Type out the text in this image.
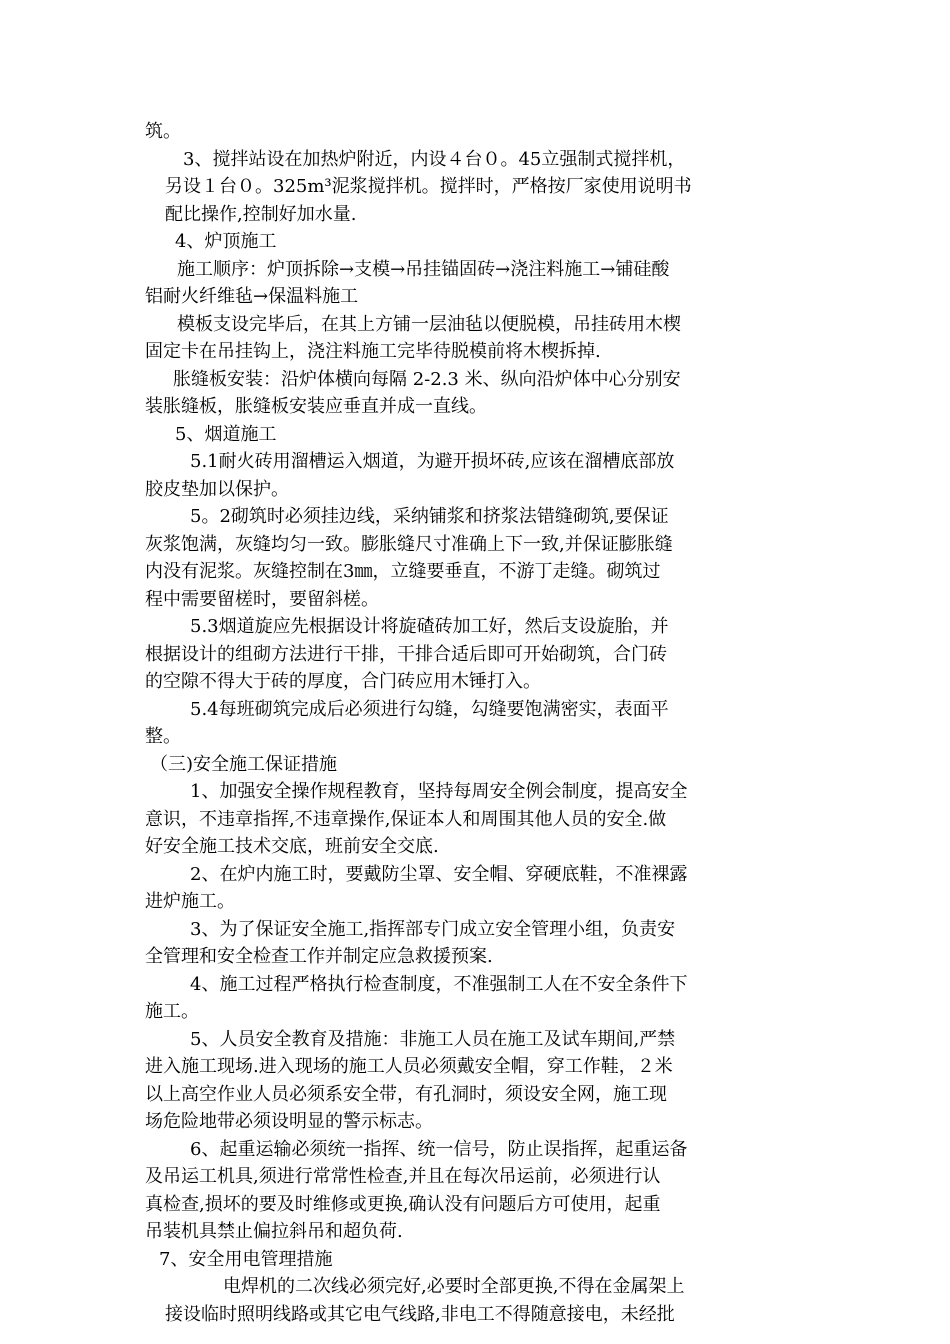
筑。
3、搅拌站设在加热炉附近，内设４台０。45立强制式搅拌机，
另设１台０。325m³泥浆搅拌机。搅拌时，严格按厂家使用说明书
配比操作,控制好加水量.
4、炉顶施工
施工顺序：炉顶拆除→支模→吊挂锚固砖→浇注料施工→铺硅酸
铝耐火纤维毡→保温料施工
模板支设完毕后，在其上方铺一层油毡以便脱模，吊挂砖用木楔
固定卡在吊挂钩上，浇注料施工完毕待脱模前将木楔拆掉.
胀缝板安装：沿炉体横向每隔 2-2.3 米、纵向沿炉体中心分别安
装胀缝板，胀缝板安装应垂直并成一直线。
5、烟道施工
5.1耐火砖用溜槽运入烟道，为避开损坏砖,应该在溜槽底部放
胶皮垫加以保护。
5。2砌筑时必须挂边线，采纳铺浆和挤浆法错缝砌筑,要保证
灰浆饱满，灰缝均匀一致。膨胀缝尺寸准确上下一致,并保证膨胀缝
内没有泥浆。灰缝控制在3㎜，立缝要垂直，不游丁走缝。砌筑过
程中需要留槎时，要留斜槎。
5.3烟道旋应先根据设计将旋碴砖加工好，然后支设旋胎，并
根据设计的组砌方法进行干排，干排合适后即可开始砌筑，合门砖
的空隙不得大于砖的厚度，合门砖应用木锤打入。
5.4每班砌筑完成后必须进行勾缝，勾缝要饱满密实，表面平
整。
（三)安全施工保证措施
1、加强安全操作规程教育，坚持每周安全例会制度，提高安全
意识，不违章指挥,不违章操作,保证本人和周围其他人员的安全.做
好安全施工技术交底，班前安全交底.
2、在炉内施工时，要戴防尘罩、安全帽、穿硬底鞋，不准裸露
进炉施工。
3、为了保证安全施工,指挥部专门成立安全管理小组，负责安
全管理和安全检查工作并制定应急救援预案.
4、施工过程严格执行检查制度，不准强制工人在不安全条件下
施工。
5、人员安全教育及措施：非施工人员在施工及试车期间,严禁
进入施工现场.进入现场的施工人员必须戴安全帽，穿工作鞋，２米
以上高空作业人员必须系安全带，有孔洞时，须设安全网，施工现
场危险地带必须设明显的警示标志。
6、起重运输必须统一指挥、统一信号，防止误指挥，起重运备
及吊运工机具,须进行常常性检查,并且在每次吊运前，必须进行认
真检查,损坏的要及时维修或更换,确认没有问题后方可使用，起重
吊装机具禁止偏拉斜吊和超负荷.
7、安全用电管理措施
电焊机的二次线必须完好,必要时全部更换,不得在金属架上
接设临时照明线路或其它电气线路,非电工不得随意接电，未经批
